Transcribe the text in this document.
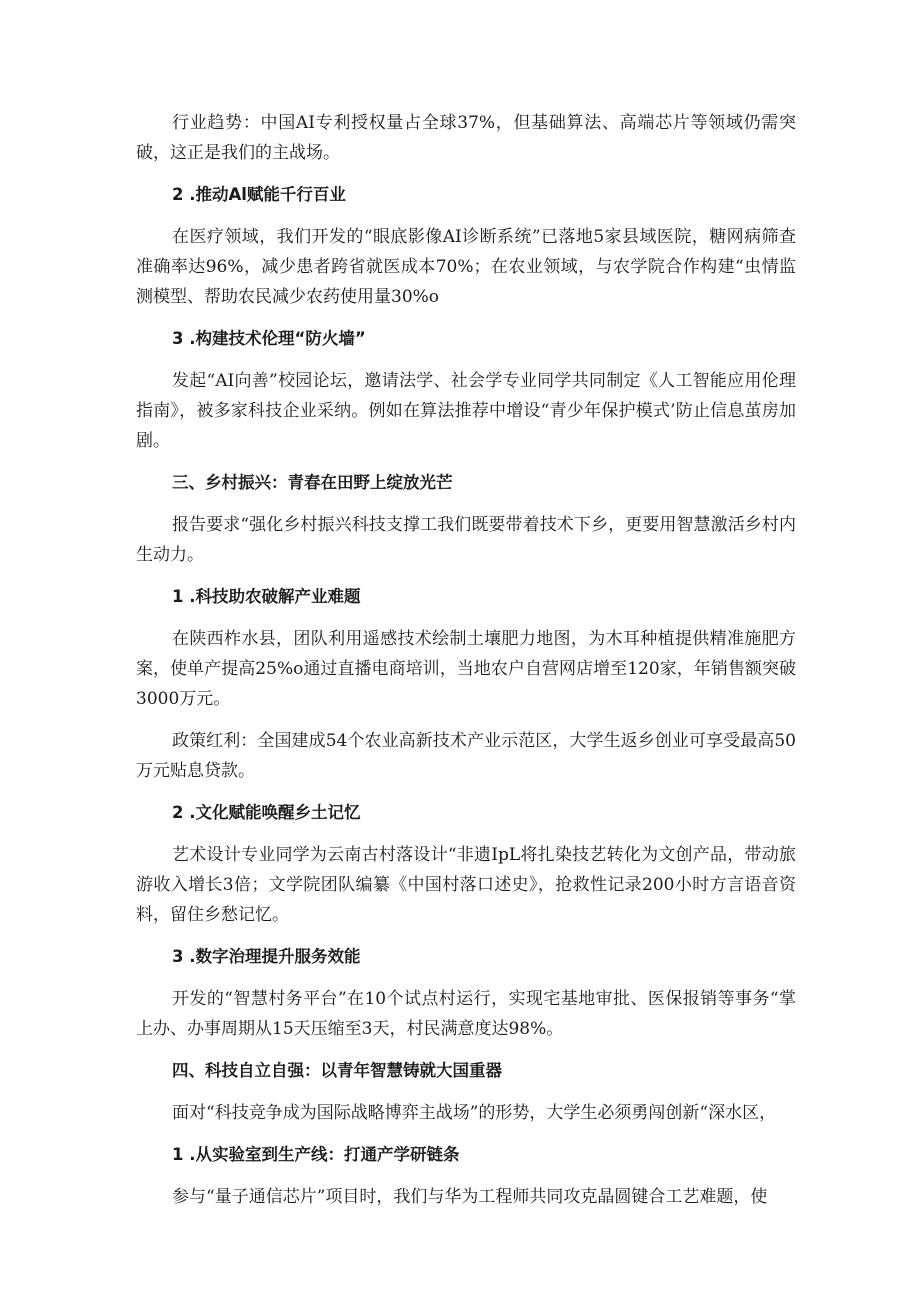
行业趋势：中国AI专利授权量占全球37%，但基础算法、高端芯片等领域仍需突破，这正是我们的主战场。

2 .推动Al赋能千行百业

在医疗领域，我们开发的“眼底影像AI诊断系统”已落地5家县域医院，糖网病筛查准确率达96%，减少患者跨省就医成本70%；在农业领域，与农学院合作构建“虫情监测模型、帮助农民减少农药使用量30%o

3 .构建技术伦理“防火墙”

发起“AI向善”校园论坛，邀请法学、社会学专业同学共同制定《人工智能应用伦理指南》，被多家科技企业采纳。例如在算法推荐中增设“青少年保护模式’防止信息茧房加剧。

三、乡村振兴：青春在田野上绽放光芒

报告要求“强化乡村振兴科技支撑工我们既要带着技术下乡，更要用智慧激活乡村内生动力。

1 .科技助农破解产业难题

在陕西柞水县，团队利用遥感技术绘制土壤肥力地图，为木耳种植提供精准施肥方案，使单产提高25%o通过直播电商培训，当地农户自营网店增至120家，年销售额突破3000万元。

政策红利：全国建成54个农业高新技术产业示范区，大学生返乡创业可享受最高50万元贴息贷款。

2 .文化赋能唤醒乡土记忆

艺术设计专业同学为云南古村落设计“非遗IpL将扎染技艺转化为文创产品，带动旅游收入增长3倍；文学院团队编纂《中国村落口述史》，抢救性记录200小时方言语音资料，留住乡愁记忆。

3 .数字治理提升服务效能

开发的“智慧村务平台”在10个试点村运行，实现宅基地审批、医保报销等事务“掌上办、办事周期从15天压缩至3天，村民满意度达98%。

四、科技自立自强：以青年智慧铸就大国重器

面对“科技竞争成为国际战略博弈主战场”的形势，大学生必须勇闯创新“深水区，

1 .从实验室到生产线：打通产学研链条

参与“量子通信芯片”项目时，我们与华为工程师共同攻克晶圆键合工艺难题，使
